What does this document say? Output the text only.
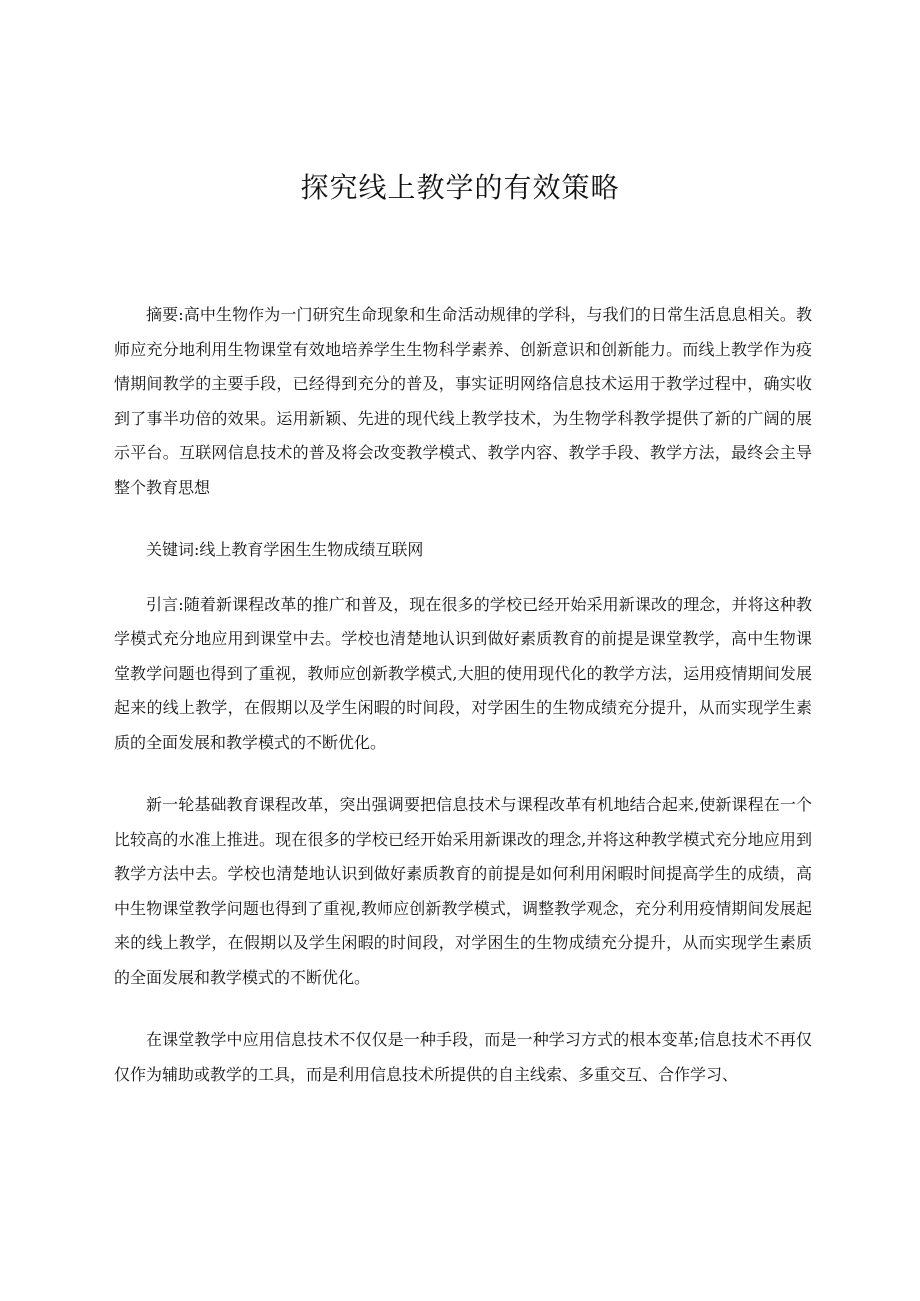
探究线上教学的有效策略

摘要:高中生物作为一门研究生命现象和生命活动规律的学科，与我们的日常生活息息相关。教师应充分地利用生物课堂有效地培养学生生物科学素养、创新意识和创新能力。而线上教学作为疫情期间教学的主要手段，已经得到充分的普及，事实证明网络信息技术运用于教学过程中，确实收到了事半功倍的效果。运用新颖、先进的现代线上教学技术，为生物学科教学提供了新的广阔的展示平台。互联网信息技术的普及将会改变教学模式、教学内容、教学手段、教学方法，最终会主导整个教育思想

关键词:线上教育学困生生物成绩互联网

引言:随着新课程改革的推广和普及，现在很多的学校已经开始采用新课改的理念，并将这种教学模式充分地应用到课堂中去。学校也清楚地认识到做好素质教育的前提是课堂教学，高中生物课堂教学问题也得到了重视，教师应创新教学模式,大胆的使用现代化的教学方法，运用疫情期间发展起来的线上教学，在假期以及学生闲暇的时间段，对学困生的生物成绩充分提升，从而实现学生素质的全面发展和教学模式的不断优化。

新一轮基础教育课程改革，突出强调要把信息技术与课程改革有机地结合起来,使新课程在一个比较高的水准上推进。现在很多的学校已经开始采用新课改的理念,并将这种教学模式充分地应用到教学方法中去。学校也清楚地认识到做好素质教育的前提是如何利用闲暇时间提高学生的成绩，高中生物课堂教学问题也得到了重视,教师应创新教学模式，调整教学观念，充分利用疫情期间发展起来的线上教学，在假期以及学生闲暇的时间段，对学困生的生物成绩充分提升，从而实现学生素质的全面发展和教学模式的不断优化。

在课堂教学中应用信息技术不仅仅是一种手段，而是一种学习方式的根本变革;信息技术不再仅仅作为辅助或教学的工具，而是利用信息技术所提供的自主线索、多重交互、合作学习、
